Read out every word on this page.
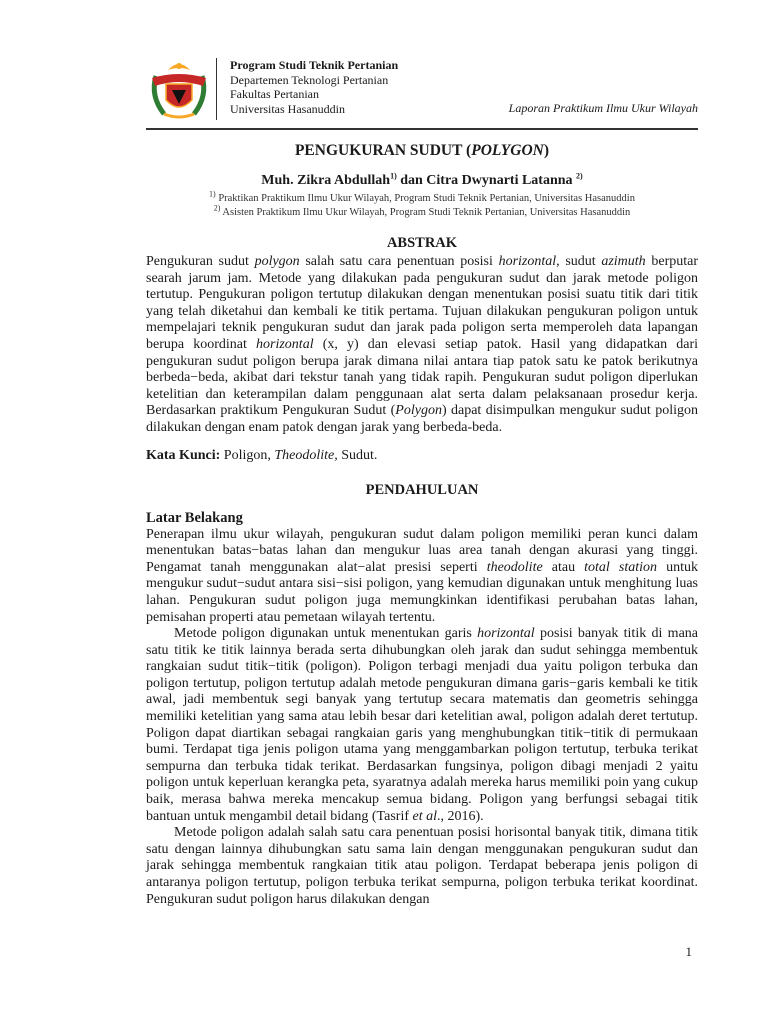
Program Studi Teknik Pertanian
Departemen Teknologi Pertanian
Fakultas Pertanian
Universitas Hasanuddin	Laporan Praktikum Ilmu Ukur Wilayah
PENGUKURAN SUDUT (POLYGON)
Muh. Zikra Abdullah$^{1)}$ dan Citra Dwynarti Latanna $^{2)}$
$^{1)}$ Praktikan Praktikum Ilmu Ukur Wilayah, Program Studi Teknik Pertanian, Universitas Hasanuddin
$^{2)}$ Asisten Praktikum Ilmu Ukur Wilayah, Program Studi Teknik Pertanian, Universitas Hasanuddin
ABSTRAK

Pengukuran sudut polygon salah satu cara penentuan posisi horizontal, sudut azimuth berputar searah jarum jam. Metode yang dilakukan pada pengukuran sudut dan jarak metode poligon tertutup. Pengukuran poligon tertutup dilakukan dengan menentukan posisi suatu titik dari titik yang telah diketahui dan kembali ke titik pertama. Tujuan dilakukan pengukuran poligon untuk mempelajari teknik pengukuran sudut dan jarak pada poligon serta memperoleh data lapangan berupa koordinat horizontal (x, y) dan elevasi setiap patok. Hasil yang didapatkan dari pengukuran sudut poligon berupa jarak dimana nilai antara tiap patok satu ke patok berikutnya berbeda−beda, akibat dari tekstur tanah yang tidak rapih. Pengukuran sudut poligon diperlukan ketelitian dan keterampilan dalam penggunaan alat serta dalam pelaksanaan prosedur kerja. Berdasarkan praktikum Pengukuran Sudut (Polygon) dapat disimpulkan mengukur sudut poligon dilakukan dengan enam patok dengan jarak yang berbeda-beda.

Kata Kunci: Poligon, Theodolite, Sudut.
PENDAHULUAN
Latar Belakang

Penerapan ilmu ukur wilayah, pengukuran sudut dalam poligon memiliki peran kunci dalam menentukan batas−batas lahan dan mengukur luas area tanah dengan akurasi yang tinggi. Pengamat tanah menggunakan alat−alat presisi seperti theodolite atau total station untuk mengukur sudut−sudut antara sisi−sisi poligon, yang kemudian digunakan untuk menghitung luas lahan. Pengukuran sudut poligon juga memungkinkan identifikasi perubahan batas lahan, pemisahan properti atau pemetaan wilayah tertentu.

Metode poligon digunakan untuk menentukan garis horizontal posisi banyak titik di mana satu titik ke titik lainnya berada serta dihubungkan oleh jarak dan sudut sehingga membentuk rangkaian sudut titik−titik (poligon). Poligon terbagi menjadi dua yaitu poligon terbuka dan poligon tertutup, poligon tertutup adalah metode pengukuran dimana garis−garis kembali ke titik awal, jadi membentuk segi banyak yang tertutup secara matematis dan geometris sehingga memiliki ketelitian yang sama atau lebih besar dari ketelitian awal, poligon adalah deret tertutup. Poligon dapat diartikan sebagai rangkaian garis yang menghubungkan titik−titik di permukaan bumi. Terdapat tiga jenis poligon utama yang menggambarkan poligon tertutup, terbuka terikat sempurna dan terbuka tidak terikat. Berdasarkan fungsinya, poligon dibagi menjadi 2 yaitu poligon untuk keperluan kerangka peta, syaratnya adalah mereka harus memiliki poin yang cukup baik, merasa bahwa mereka mencakup semua bidang. Poligon yang berfungsi sebagai titik bantuan untuk mengambil detail bidang (Tasrif et al., 2016).

Metode poligon adalah salah satu cara penentuan posisi horisontal banyak titik, dimana titik satu dengan lainnya dihubungkan satu sama lain dengan menggunakan pengukuran sudut dan jarak sehingga membentuk rangkaian titik atau poligon. Terdapat beberapa jenis poligon di antaranya poligon tertutup, poligon terbuka terikat sempurna, poligon terbuka terikat koordinat. Pengukuran sudut poligon harus dilakukan dengan

1
